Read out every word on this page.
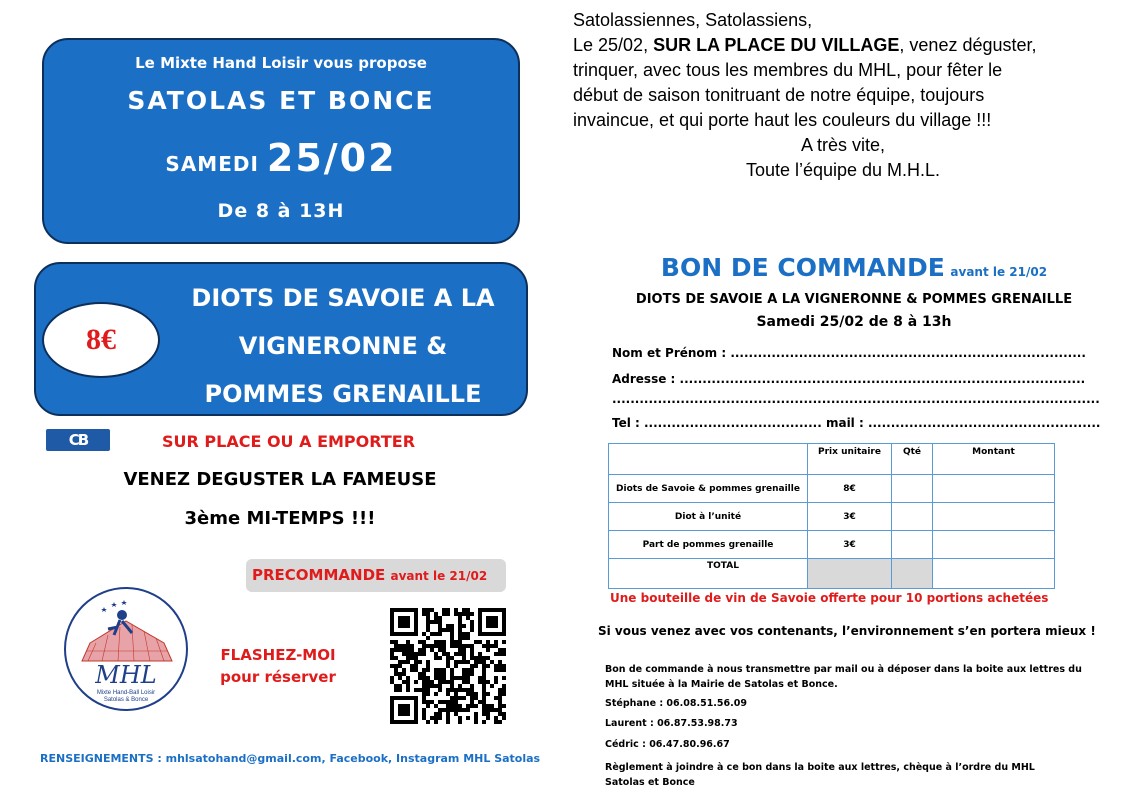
Le Mixte Hand Loisir vous propose
SATOLAS ET BONCE
SAMEDI 25/02
De 8 à 13H
8€
DIOTS DE SAVOIE A LA
VIGNERONNE &
POMMES GRENAILLE
CB	SUR PLACE OU A EMPORTER
VENEZ DEGUSTER LA FAMEUSE
3ème MI-TEMPS !!!
PRECOMMANDE avant le 21/02
MHL
Mixte Hand-Ball Loisir
Satolas & Bonce
FLASHEZ-MOI
pour réserver
RENSEIGNEMENTS : mhlsatohand@gmail.com, Facebook, Instagram MHL Satolas
Satolassiennes, Satolassiens,
Le 25/02, SUR LA PLACE DU VILLAGE, venez déguster,
trinquer, avec tous les membres du MHL, pour fêter le
début de saison tonitruant de notre équipe, toujours
invaincue, et qui porte haut les couleurs du village !!!
A très vite,
Toute l’équipe du M.H.L.
BON DE COMMANDE avant le 21/02
DIOTS DE SAVOIE A LA VIGNERONNE & POMMES GRENAILLE
Samedi 25/02 de 8 à 13h
Nom et Prénom : ..............................................................................
Adresse : .........................................................................................
...........................................................................................................
Tel : ....................................... mail : ...................................................
	Prix unitaire	Qté	Montant
Diots de Savoie & pommes grenaille	8€		
Diot à l’unité	3€		
Part de pommes grenaille	3€		
TOTAL			
Une bouteille de vin de Savoie offerte pour 10 portions achetées
Si vous venez avec vos contenants, l’environnement s’en portera mieux !
Bon de commande à nous transmettre par mail ou à déposer dans la boite aux lettres du MHL située à la Mairie de Satolas et Bonce.
Stéphane : 06.08.51.56.09
Laurent : 06.87.53.98.73
Cédric : 06.47.80.96.67
Règlement à joindre à ce bon dans la boite aux lettres, chèque à l’ordre du MHL Satolas et Bonce
